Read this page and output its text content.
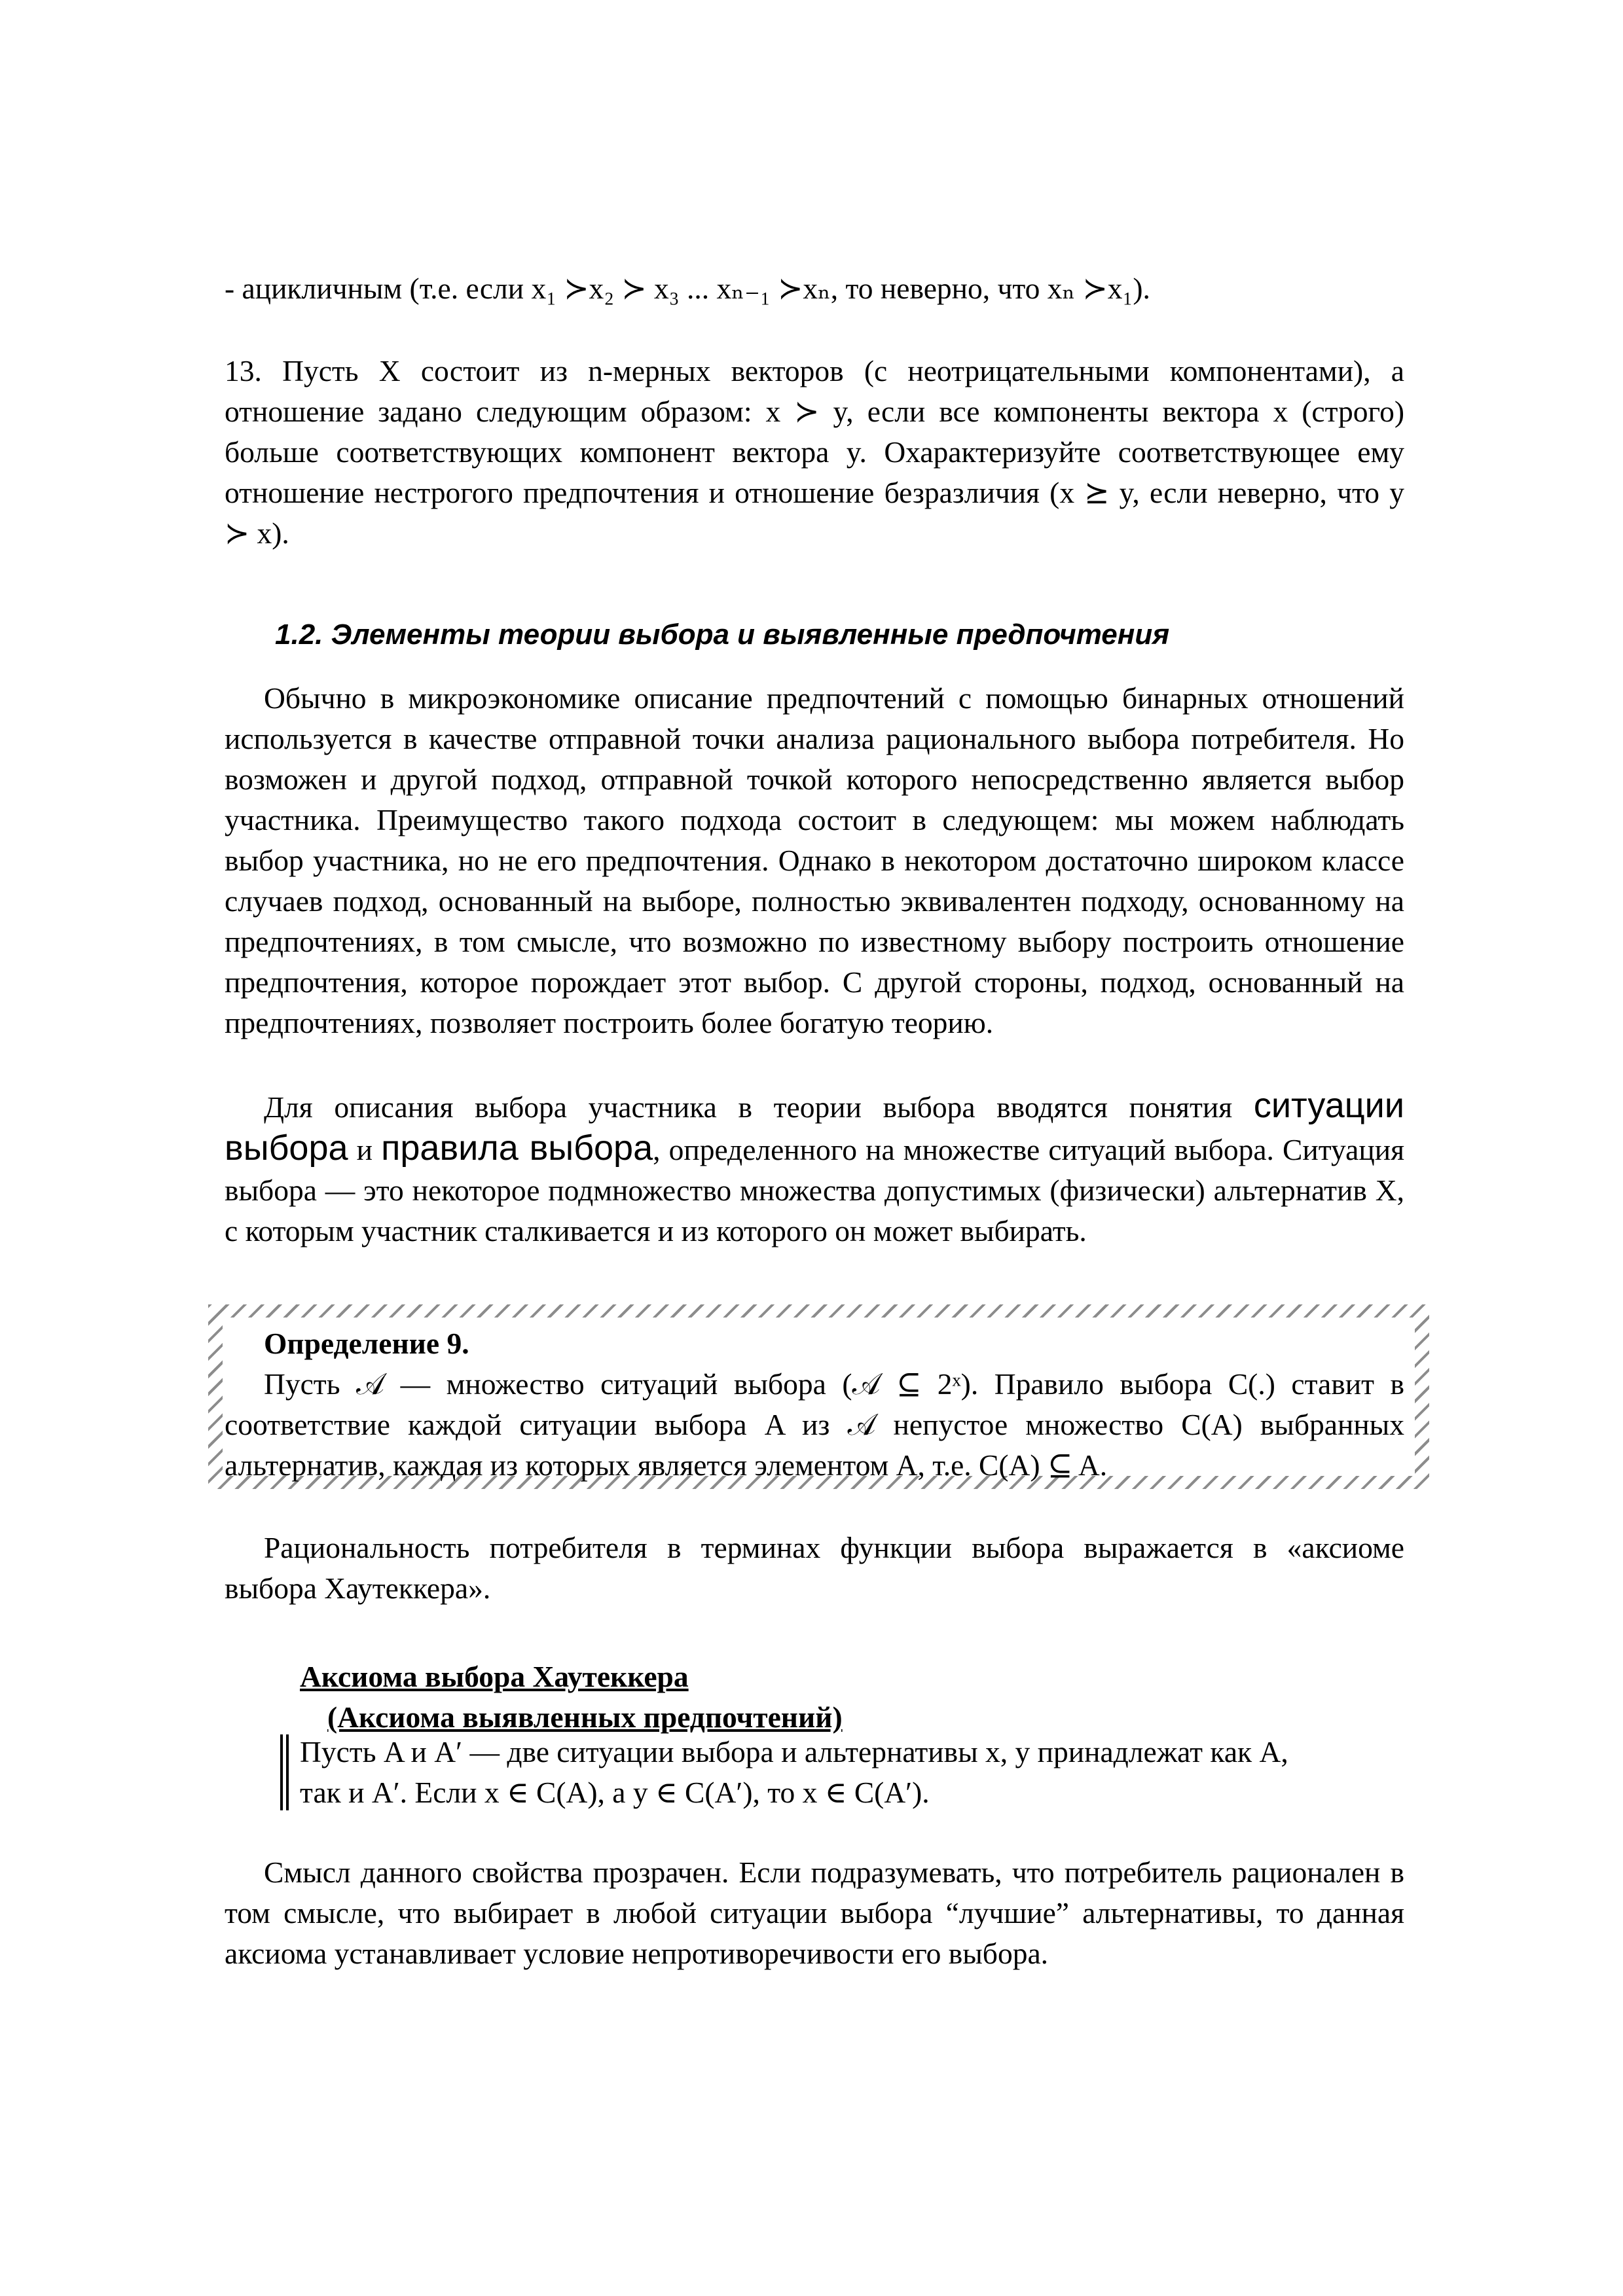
- ацикличным (т.е. если x₁ ≻x₂ ≻ x₃ ... xₙ₋₁ ≻xₙ, то неверно, что xₙ ≻x₁).
13. Пусть X состоит из n-мерных векторов (с неотрицательными компонентами), а отношение задано следующим образом: x ≻ y, если все компоненты вектора x (строго) больше соответствующих компонент вектора y. Охарактеризуйте соответствующее ему отношение нестрогого предпочтения и отношение безразличия (x ⪰ y, если неверно, что y ≻ x).
1.2. Элементы теории выбора и выявленные предпочтения
Обычно в микроэкономике описание предпочтений с помощью бинарных отношений используется в качестве отправной точки анализа рационального выбора потребителя. Но возможен и другой подход, отправной точкой которого непосредственно является выбор участника. Преимущество такого подхода состоит в следующем: мы можем наблюдать выбор участника, но не его предпочтения. Однако в некотором достаточно широком классе случаев подход, основанный на выборе, полностью эквивалентен подходу, основанному на предпочтениях, в том смысле, что возможно по известному выбору построить отношение предпочтения, которое порождает этот выбор. С другой стороны, подход, основанный на предпочтениях, позволяет построить более богатую теорию.
Для описания выбора участника в теории выбора вводятся понятия ситуации выбора и правила выбора, определенного на множестве ситуаций выбора. Ситуация выбора — это некоторое подмножество множества допустимых (физически) альтернатив X, с которым участник сталкивается и из которого он может выбирать.
Определение 9.
Пусть 𝒜 — множество ситуаций выбора (𝒜 ⊆ 2ˣ). Правило выбора C(.) ставит в соответствие каждой ситуации выбора A из 𝒜 непустое множество C(A) выбранных альтернатив, каждая из которых является элементом A, т.е. C(A) ⊆ A.
Рациональность потребителя в терминах функции выбора выражается в «аксиоме выбора Хаутеккера».
Аксиома выбора Хаутеккера
(Аксиома выявленных предпочтений)
Пусть A и A′ — две ситуации выбора и альтернативы x, y принадлежат как A,
так и A′. Если x ∈ C(A), а y ∈ C(A′), то x ∈ C(A′).
Смысл данного свойства прозрачен. Если подразумевать, что потребитель рационален в том смысле, что выбирает в любой ситуации выбора “лучшие” альтернативы, то данная аксиома устанавливает условие непротиворечивости его выбора.
